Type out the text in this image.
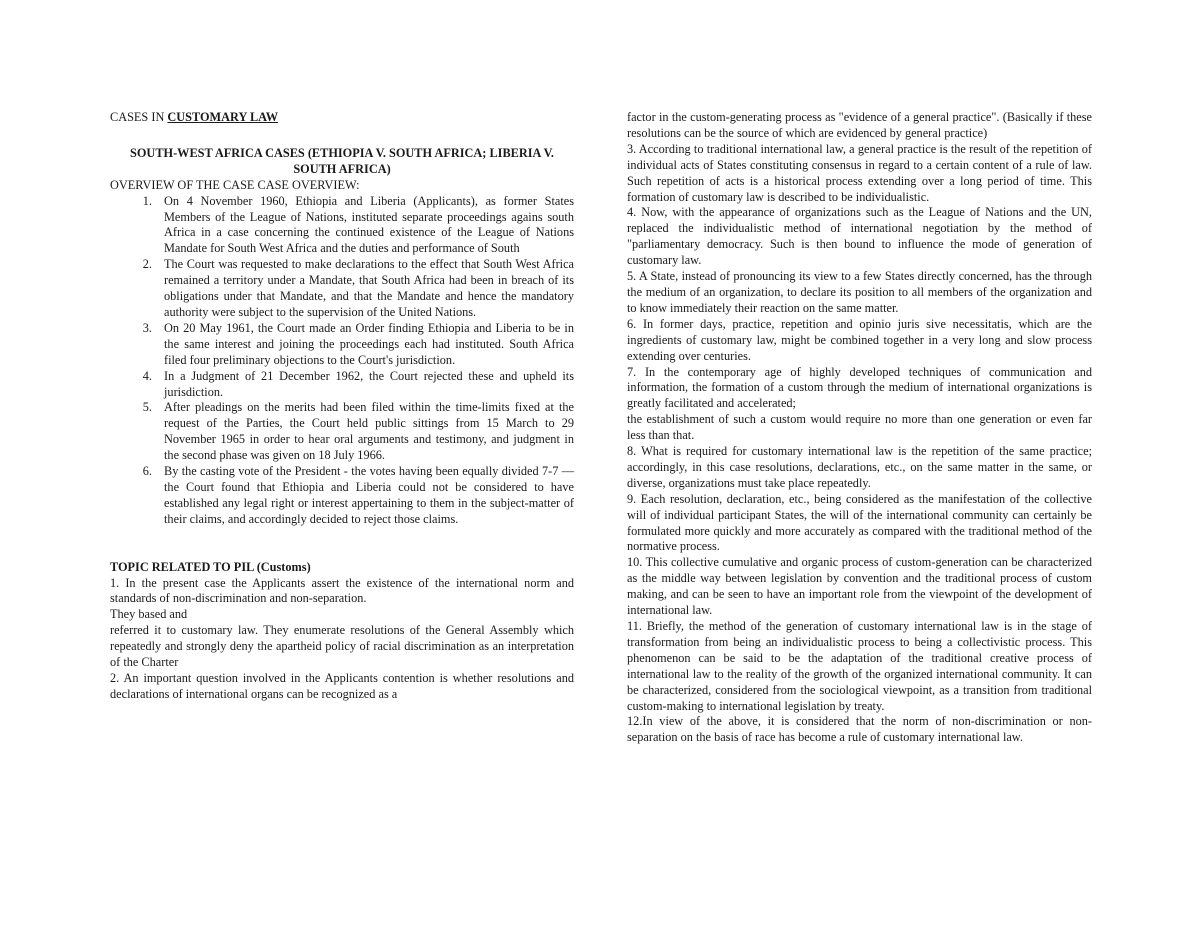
CASES IN CUSTOMARY LAW

SOUTH-WEST AFRICA CASES (ETHIOPIA V. SOUTH AFRICA; LIBERIA V. SOUTH AFRICA)

OVERVIEW OF THE CASE CASE OVERVIEW:

1. On 4 November 1960, Ethiopia and Liberia (Applicants), as former States Members of the League of Nations, instituted separate proceedings agains south Africa in a case concerning the continued existence of the League of Nations Mandate for South West Africa and the duties and performance of South
2. The Court was requested to make declarations to the effect that South West Africa remained a territory under a Mandate, that South Africa had been in breach of its obligations under that Mandate, and that the Mandate and hence the mandatory authority were subject to the supervision of the United Nations.
3. On 20 May 1961, the Court made an Order finding Ethiopia and Liberia to be in the same interest and joining the proceedings each had instituted. South Africa filed four preliminary objections to the Court's jurisdiction.
4. In a Judgment of 21 December 1962, the Court rejected these and upheld its jurisdiction.
5. After pleadings on the merits had been filed within the time-limits fixed at the request of the Parties, the Court held public sittings from 15 March to 29 November 1965 in order to hear oral arguments and testimony, and judgment in the second phase was given on 18 July 1966.
6. By the casting vote of the President - the votes having been equally divided 7-7 — the Court found that Ethiopia and Liberia could not be considered to have established any legal right or interest appertaining to them in the subject-matter of their claims, and accordingly decided to reject those claims.

TOPIC RELATED TO PIL (Customs)

1. In the present case the Applicants assert the existence of the international norm and standards of non-discrimination and non-separation.

They based and

referred it to customary law. They enumerate resolutions of the General Assembly which repeatedly and strongly deny the apartheid policy of racial discrimination as an interpretation of the Charter

2. An important question involved in the Applicants contention is whether resolutions and declarations of international organs can be recognized as a

factor in the custom-generating process as "evidence of a general practice". (Basically if these resolutions can be the source of which are evidenced by general practice)

3. According to traditional international law, a general practice is the result of the repetition of individual acts of States constituting consensus in regard to a certain content of a rule of law. Such repetition of acts is a historical process extending over a long period of time. This formation of customary law is described to be individualistic.

4. Now, with the appearance of organizations such as the League of Nations and the UN, replaced the individualistic method of international negotiation by the method of "parliamentary democracy. Such is then bound to influence the mode of generation of customary law.

5. A State, instead of pronouncing its view to a few States directly concerned, has the through the medium of an organization, to declare its position to all members of the organization and to know immediately their reaction on the same matter.

6. In former days, practice, repetition and opinio juris sive necessitatis, which are the ingredients of customary law, might be combined together in a very long and slow process extending over centuries.

7. In the contemporary age of highly developed techniques of communication and information, the formation of a custom through the medium of international organizations is greatly facilitated and accelerated;

the establishment of such a custom would require no more than one generation or even far less than that.

8. What is required for customary international law is the repetition of the same practice; accordingly, in this case resolutions, declarations, etc., on the same matter in the same, or diverse, organizations must take place repeatedly.

9. Each resolution, declaration, etc., being considered as the manifestation of the collective will of individual participant States, the will of the international community can certainly be formulated more quickly and more accurately as compared with the traditional method of the normative process.

10. This collective cumulative and organic process of custom-generation can be characterized as the middle way between legislation by convention and the traditional process of custom making, and can be seen to have an important role from the viewpoint of the development of international law.

11. Briefly, the method of the generation of customary international law is in the stage of transformation from being an individualistic process to being a collectivistic process. This phenomenon can be said to be the adaptation of the traditional creative process of international law to the reality of the growth of the organized international community. It can be characterized, considered from the sociological viewpoint, as a transition from traditional custom-making to international legislation by treaty.

12.In view of the above, it is considered that the norm of non-discrimination or non-separation on the basis of race has become a rule of customary international law.
